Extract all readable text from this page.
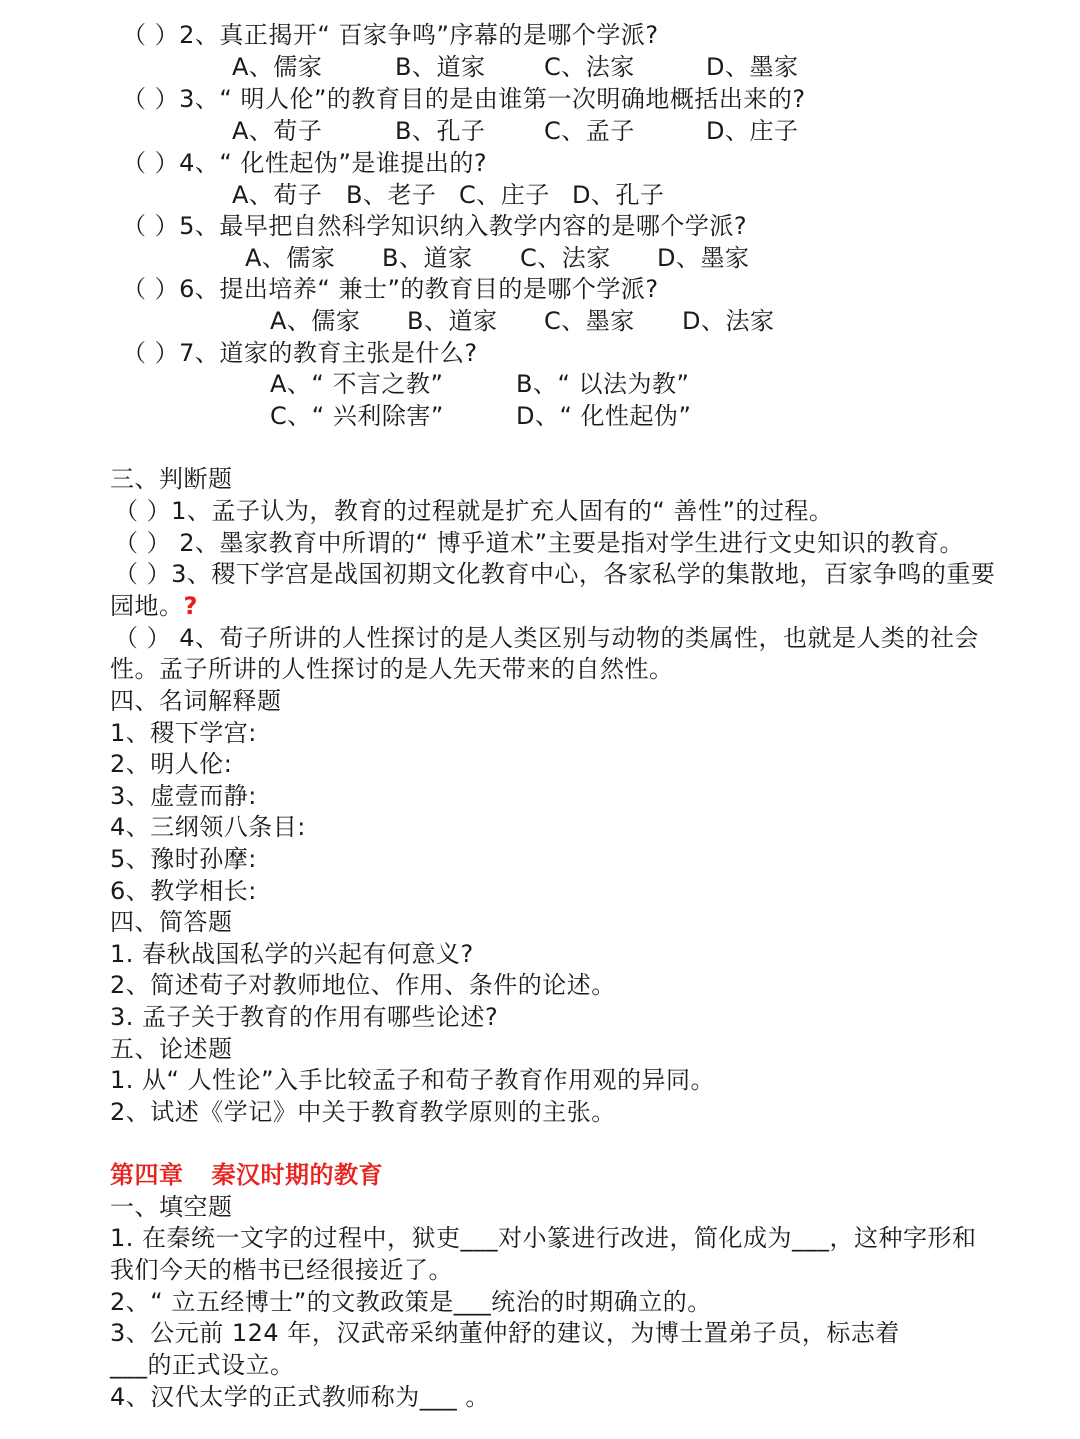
（ ）2、真正揭开“ 百家争鸣”序幕的是哪个学派?
A、儒家	B、道家 C、法家	D、墨家
（ ）3、“ 明人伦”的教育目的是由谁第一次明确地概括出来的?
A、荀子	B、孔子 C、孟子	D、庄子
（ ）4、“ 化性起伪”是谁提出的?
A、荀子 B、老子 C、庄子 D、孔子
（ ）5、最早把自然科学知识纳入教学内容的是哪个学派?
A、儒家 B、道家 C、法家 D、墨家
（ ）6、提出培养“ 兼士”的教育目的是哪个学派?
A、儒家 B、道家 C、墨家 D、法家
（ ）7、道家的教育主张是什么?
A、“ 不言之教”	B、“ 以法为教”
C、“ 兴利除害”	D、“ 化性起伪”
三、判断题
（ ）1、孟子认为，教育的过程就是扩充人固有的“ 善性”的过程。
（ ） 2、墨家教育中所谓的“ 博乎道术”主要是指对学生进行文史知识的教育。
（ ）3、稷下学宫是战国初期文化教育中心，各家私学的集散地，百家争鸣的重要
园地。?
（ ） 4、荀子所讲的人性探讨的是人类区别与动物的类属性，也就是人类的社会
性。孟子所讲的人性探讨的是人先天带来的自然性。
四、名词解释题
1、稷下学宫:
2、明人伦:
3、虚壹而静:
4、三纲领八条目:
5、豫时孙摩:
6、教学相长:
四、简答题
1. 春秋战国私学的兴起有何意义?
2、简述荀子对教师地位、作用、条件的论述。
3. 孟子关于教育的作用有哪些论述?
五、论述题
1. 从“ 人性论”入手比较孟子和荀子教育作用观的异同。
2、试述《学记》中关于教育教学原则的主张。
第四章 秦汉时期的教育
一、填空题
1. 在秦统一文字的过程中，狱吏___对小篆进行改进，简化成为___，这种字形和
我们今天的楷书已经很接近了。
2、“ 立五经博士”的文教政策是___统治的时期确立的。
3、公元前 124 年，汉武帝采纳董仲舒的建议，为博士置弟子员，标志着
___的正式设立。
4、汉代太学的正式教师称为___ 。
